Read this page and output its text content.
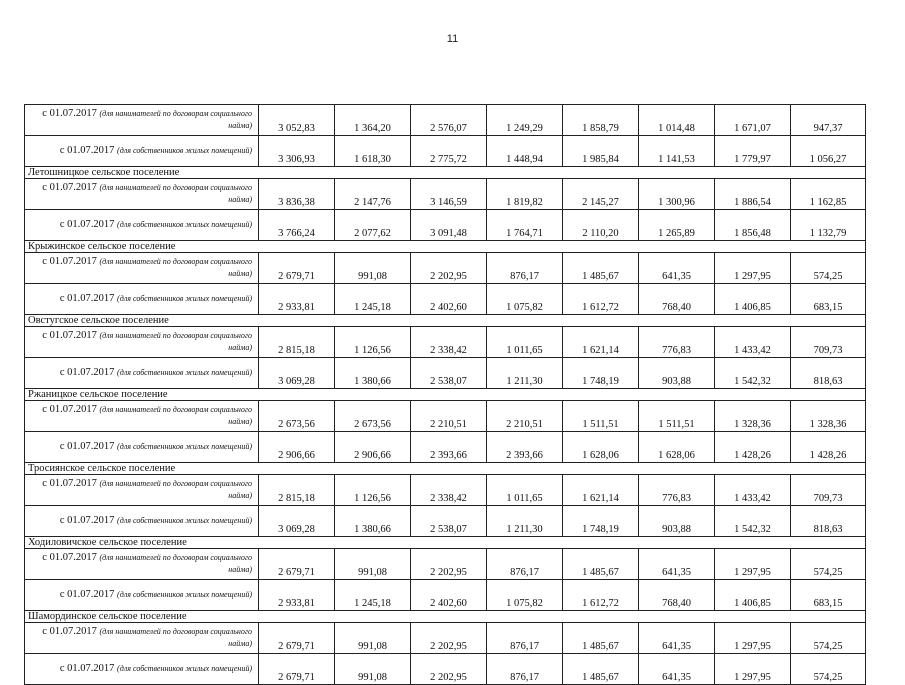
11
с 01.07.2017 (для нанимателей по договорам социального найма)	3 052,83	1 364,20	2 576,07	1 249,29	1 858,79	1 014,48	1 671,07	947,37
с 01.07.2017 (для собственников жилых помещений)	3 306,93	1 618,30	2 775,72	1 448,94	1 985,84	1 141,53	1 779,97	1 056,27
Летошницкое сельское поселение								
с 01.07.2017 (для нанимателей по договорам социального найма)	3 836,38	2 147,76	3 146,59	1 819,82	2 145,27	1 300,96	1 886,54	1 162,85
с 01.07.2017 (для собственников жилых помещений)	3 766,24	2 077,62	3 091,48	1 764,71	2 110,20	1 265,89	1 856,48	1 132,79
Крыжинское сельское поселение								
с 01.07.2017 (для нанимателей по договорам социального найма)	2 679,71	991,08	2 202,95	876,17	1 485,67	641,35	1 297,95	574,25
с 01.07.2017 (для собственников жилых помещений)	2 933,81	1 245,18	2 402,60	1 075,82	1 612,72	768,40	1 406,85	683,15
Овстугское сельское поселение								
с 01.07.2017 (для нанимателей по договорам социального найма)	2 815,18	1 126,56	2 338,42	1 011,65	1 621,14	776,83	1 433,42	709,73
с 01.07.2017 (для собственников жилых помещений)	3 069,28	1 380,66	2 538,07	1 211,30	1 748,19	903,88	1 542,32	818,63
Ржаницкое сельское поселение								
с 01.07.2017 (для нанимателей по договорам социального найма)	2 673,56	2 673,56	2 210,51	2 210,51	1 511,51	1 511,51	1 328,36	1 328,36
с 01.07.2017 (для собственников жилых помещений)	2 906,66	2 906,66	2 393,66	2 393,66	1 628,06	1 628,06	1 428,26	1 428,26
Тросиянское сельское поселение								
с 01.07.2017 (для нанимателей по договорам социального найма)	2 815,18	1 126,56	2 338,42	1 011,65	1 621,14	776,83	1 433,42	709,73
с 01.07.2017 (для собственников жилых помещений)	3 069,28	1 380,66	2 538,07	1 211,30	1 748,19	903,88	1 542,32	818,63
Ходиловичское сельское поселение								
с 01.07.2017 (для нанимателей по договорам социального найма)	2 679,71	991,08	2 202,95	876,17	1 485,67	641,35	1 297,95	574,25
с 01.07.2017 (для собственников жилых помещений)	2 933,81	1 245,18	2 402,60	1 075,82	1 612,72	768,40	1 406,85	683,15
Шамординское сельское поселение								
с 01.07.2017 (для нанимателей по договорам социального найма)	2 679,71	991,08	2 202,95	876,17	1 485,67	641,35	1 297,95	574,25
с 01.07.2017 (для собственников жилых помещений)	2 679,71	991,08	2 202,95	876,17	1 485,67	641,35	1 297,95	574,25
